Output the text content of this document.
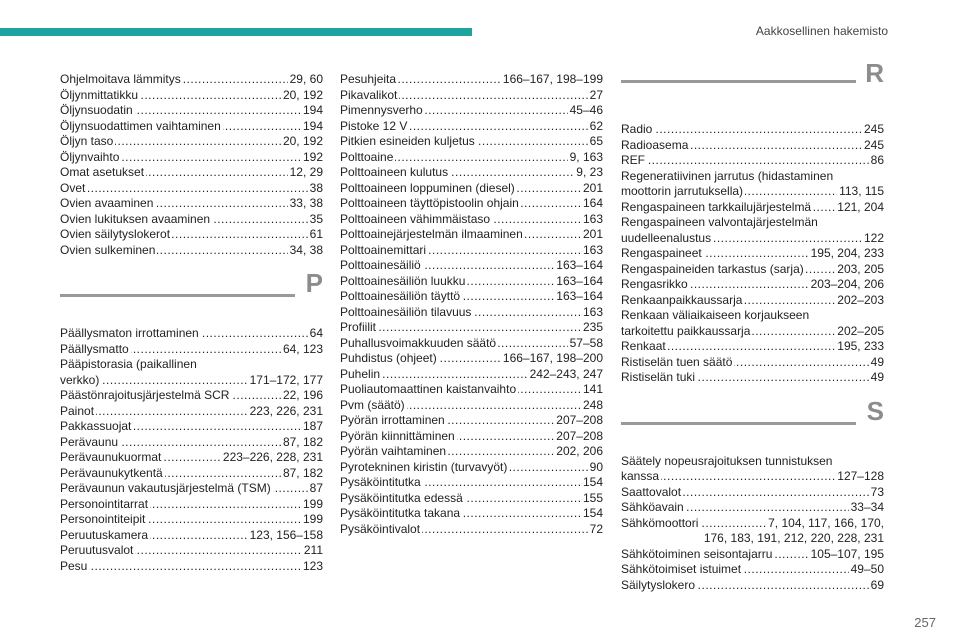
Aakkosellinen hakemisto
Ohjelmoitava lämmitys	29, 60
.....
Öljynmittatikku	20, 192
.....
Öljynsuodatin	194
.....
Öljynsuodattimen vaihtaminen	194
.....
Öljyn taso	20, 192
.....
Öljynvaihto	192
.....
Omat asetukset	12, 29
.....
Ovet	38
.....
Ovien avaaminen	33, 38
.....
Ovien lukituksen avaaminen	35
.....
Ovien säilytyslokerot	61
.....
Ovien sulkeminen	34, 38
.....
P
Päällysmaton irrottaminen	64
.....
Päällysmatto	64, 123
.....
Pääpistorasia (paikallinen
verkko)	171–172, 177
.....
Päästönrajoitusjärjestelmä SCR	22, 196
.....
Painot	223, 226, 231
.....
Pakkassuojat	187
.....
Perävaunu	87, 182
.....
Perävaunukuormat	223–226, 228, 231
.....
Perävaunukytkentä	87, 182
.....
Perävaunun vakautusjärjestelmä (TSM)	87
.....
Personointitarrat	199
.....
Personointiteipit	199
.....
Peruutuskamera	123, 156–158
.....
Peruutusvalot	211
.....
Pesu	123
.....
Pesuhjeita	166–167, 198–199
.....
Pikavalikot	27
.....
Pimennysverho	45–46
.....
Pistoke 12 V	62
.....
Pitkien esineiden kuljetus	65
.....
Polttoaine	9, 163
.....
Polttoaineen kulutus	9, 23
.....
Polttoaineen loppuminen (diesel)	201
.....
Polttoaineen täyttöpistoolin ohjain	164
.....
Polttoaineen vähimmäistaso	163
.....
Polttoainejärjestelmän ilmaaminen	201
.....
Polttoainemittari	163
.....
Polttoainesäiliö	163–164
.....
Polttoainesäiliön luukku	163–164
.....
Polttoainesäiliön täyttö	163–164
.....
Polttoainesäiliön tilavuus	163
.....
Profiilit	235
.....
Puhallusvoimakkuuden säätö	57–58
.....
Puhdistus (ohjeet)	166–167, 198–200
.....
Puhelin	242–243, 247
.....
Puoliautomaattinen kaistanvaihto	141
.....
Pvm (säätö)	248
.....
Pyörän irrottaminen	207–208
.....
Pyörän kiinnittäminen	207–208
.....
Pyörän vaihtaminen	202, 206
.....
Pyrotekninen kiristin (turvavyöt)	90
.....
Pysäköintitutka	154
.....
Pysäköintitutka edessä	155
.....
Pysäköintitutka takana	154
.....
Pysäköintivalot	72
.....
R
Radio	245
.....
Radioasema	245
.....
REF	86
.....
Regeneratiivinen jarrutus (hidastaminen
moottorin jarrutuksella)	113, 115
.....
Rengaspaineen tarkkailujärjestelmä 121, 204
.....
Rengaspaineen valvontajärjestelmän
uudelleenalustus	122
.....
Rengaspaineet	195, 204, 233
.....
Rengaspaineiden tarkastus (sarja)	203, 205
.....
Rengasrikko	203–204, 206
.....
Renkaanpaikkaussarja	202–203
.....
Renkaan väliaikaiseen korjaukseen
tarkoitettu paikkaussarja	202–205
.....
Renkaat	195, 233
.....
Ristiselän tuen säätö	49
.....
Ristiselän tuki	49
.....
S
Säätely nopeusrajoituksen tunnistuksen
kanssa	127–128
.....
Saattovalot	73
.....
Sähköavain	33–34
.....
Sähkömoottori	7, 104, 117, 166, 170,
.....
176, 183, 191, 212, 220, 228, 231
Sähkötoiminen seisontajarru	105–107, 195
.....
Sähkötoimiset istuimet	49–50
.....
Säilytyslokero	69
.....
257
